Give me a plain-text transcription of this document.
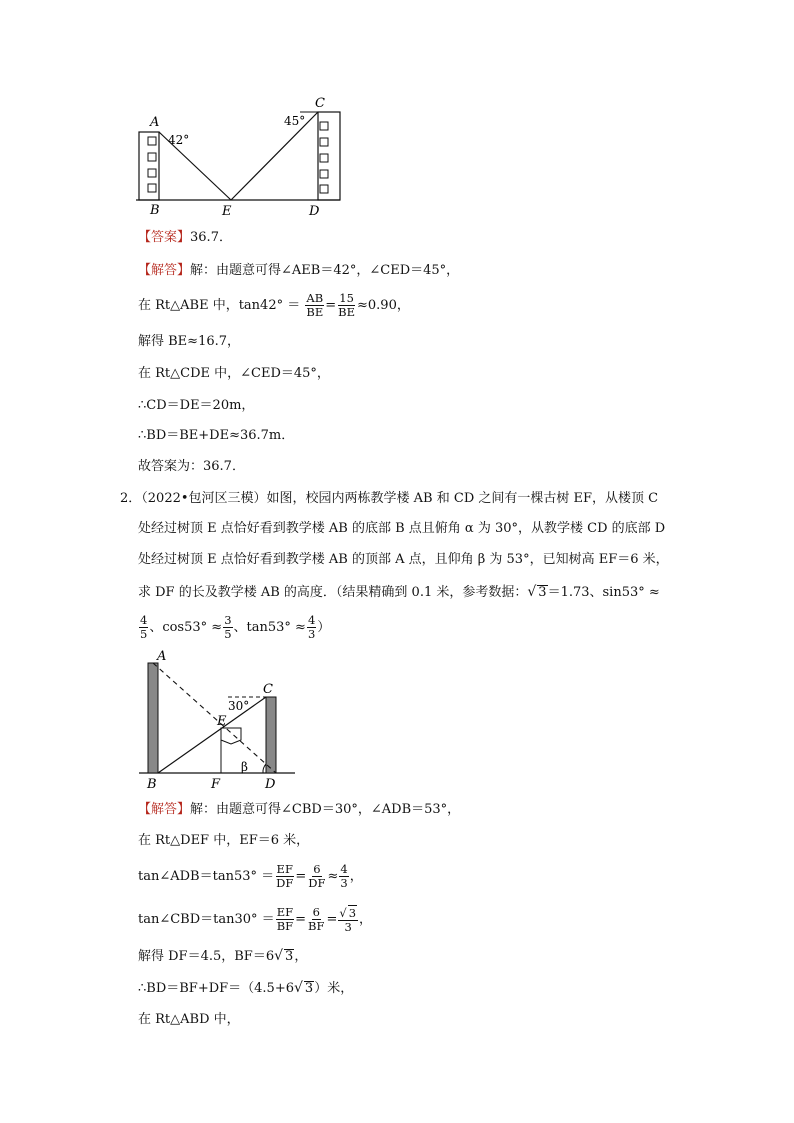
A
42°
B	E	D
C
45°
【答案】36.7．
【解答】解：由题意可得∠AEB＝42°，∠CED＝45°，
在 Rt△ABE 中，$\tan 42^\circ = \frac{AB}{BE} = \frac{15}{BE} \approx 0.90$，
解得 BE≈16.7，
在 Rt△CDE 中，∠CED＝45°，
∴CD＝DE＝20m，
∴BD＝BE+DE≈36.7m．
故答案为：36.7．
2．（2022•包河区三模）如图，校园内两栋教学楼 AB 和 CD 之间有一棵古树 EF，从楼顶 C
处经过树顶 E 点恰好看到教学楼 AB 的底部 B 点且俯角 α 为 30°，从教学楼 CD 的底部 D
处经过树顶 E 点恰好看到教学楼 AB 的顶部 A 点，且仰角 β 为 53°，已知树高 EF＝6 米，
求 DF 的长及教学楼 AB 的高度．（结果精确到 0.1 米，参考数据：√ 3＝1.73、sin53° ≈
$\frac{4}{5}$ 、$\cos 53^\circ \approx \frac{3}{5}$ 、$\tan 53^\circ \approx \frac{4}{3}$ ）
A
C
30°
E
β
B	F	D
【解答】解：由题意可得∠CBD＝30°，∠ADB＝53°，
在 Rt△DEF 中，EF＝6 米，
tan∠ADB＝tan53° ＝ $\frac{EF}{DF} = \frac{6}{DF} \approx \frac{4}{3}$ ，
tan∠CBD＝tan30° ＝ $\frac{EF}{BF} = \frac{6}{BF} = \frac{√ 3}{3}$ ，
解得 DF＝4.5，BF＝6√ 3，
∴BD＝BF+DF＝（4.5+6√ 3）米，
在 Rt△ABD 中，
